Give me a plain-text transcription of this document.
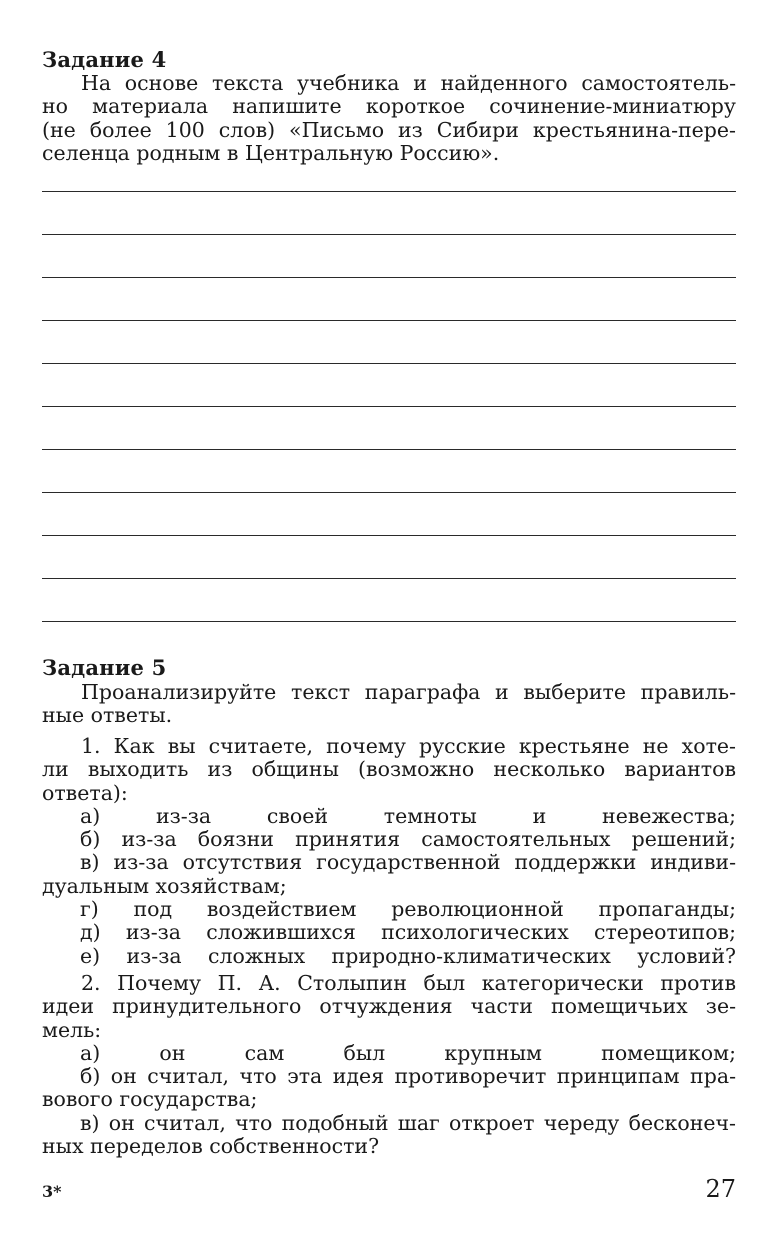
Задание 4
На основе текста учебника и найденного самостоятель-
но материала напишите короткое сочинение-миниатюру
(не более 100 слов) «Письмо из Сибири крестьянина-пере-
селенца родным в Центральную Россию».
Задание 5
Проанализируйте текст параграфа и выберите правиль-
ные ответы.
1. Как вы считаете, почему русские крестьяне не хоте-
ли выходить из общины (возможно несколько вариантов
ответа):
а) из-за своей темноты и невежества;
б) из-за боязни принятия самостоятельных решений;
в) из-за отсутствия государственной поддержки индиви-
дуальным хозяйствам;
г) под воздействием революционной пропаганды;
д) из-за сложившихся психологических стереотипов;
е) из-за сложных природно-климатических условий?
2. Почему П. А. Столыпин был категорически против
идеи принудительного отчуждения части помещичьих зе-
мель:
а) он сам был крупным помещиком;
б) он считал, что эта идея противоречит принципам пра-
вового государства;
в) он считал, что подобный шаг откроет череду бесконеч-
ных переделов собственности?
3*	27
